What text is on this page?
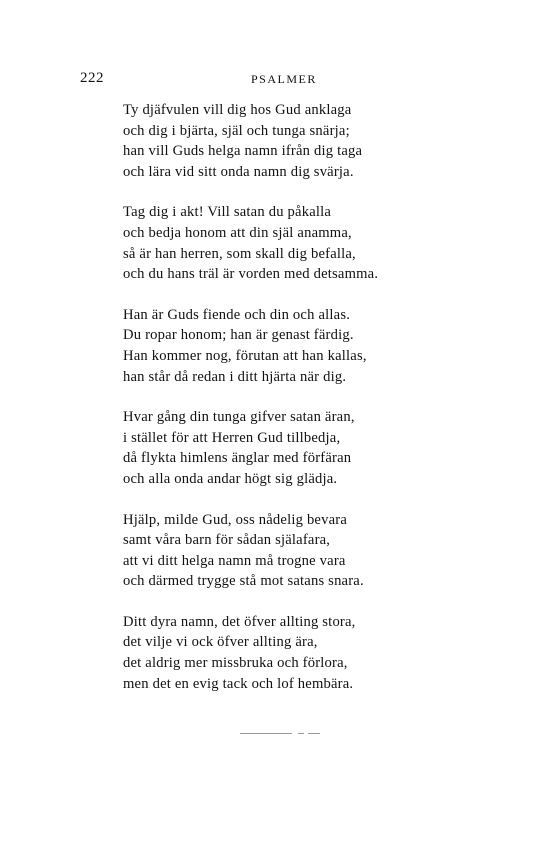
222	PSALMER
Ty djäfvulen vill dig hos Gud anklaga
och dig i bjärta, själ och tunga snärja;
han vill Guds helga namn ifrån dig taga
och lära vid sitt onda namn dig svärja.
Tag dig i akt! Vill satan du påkalla
och bedja honom att din själ anamma,
så är han herren, som skall dig befalla,
och du hans träl är vorden med detsamma.
Han är Guds fiende och din och allas.
Du ropar honom; han är genast färdig.
Han kommer nog, förutan att han kallas,
han står då redan i ditt hjärta när dig.
Hvar gång din tunga gifver satan äran,
i stället för att Herren Gud tillbedja,
då flykta himlens änglar med förfäran
och alla onda andar högt sig glädja.
Hjälp, milde Gud, oss nådelig bevara
samt våra barn för sådan själafara,
att vi ditt helga namn må trogne vara
och därmed trygge stå mot satans snara.
Ditt dyra namn, det öfver allting stora,
det vilje vi ock öfver allting ära,
det aldrig mer missbruka och förlora,
men det en evig tack och lof hembära.
